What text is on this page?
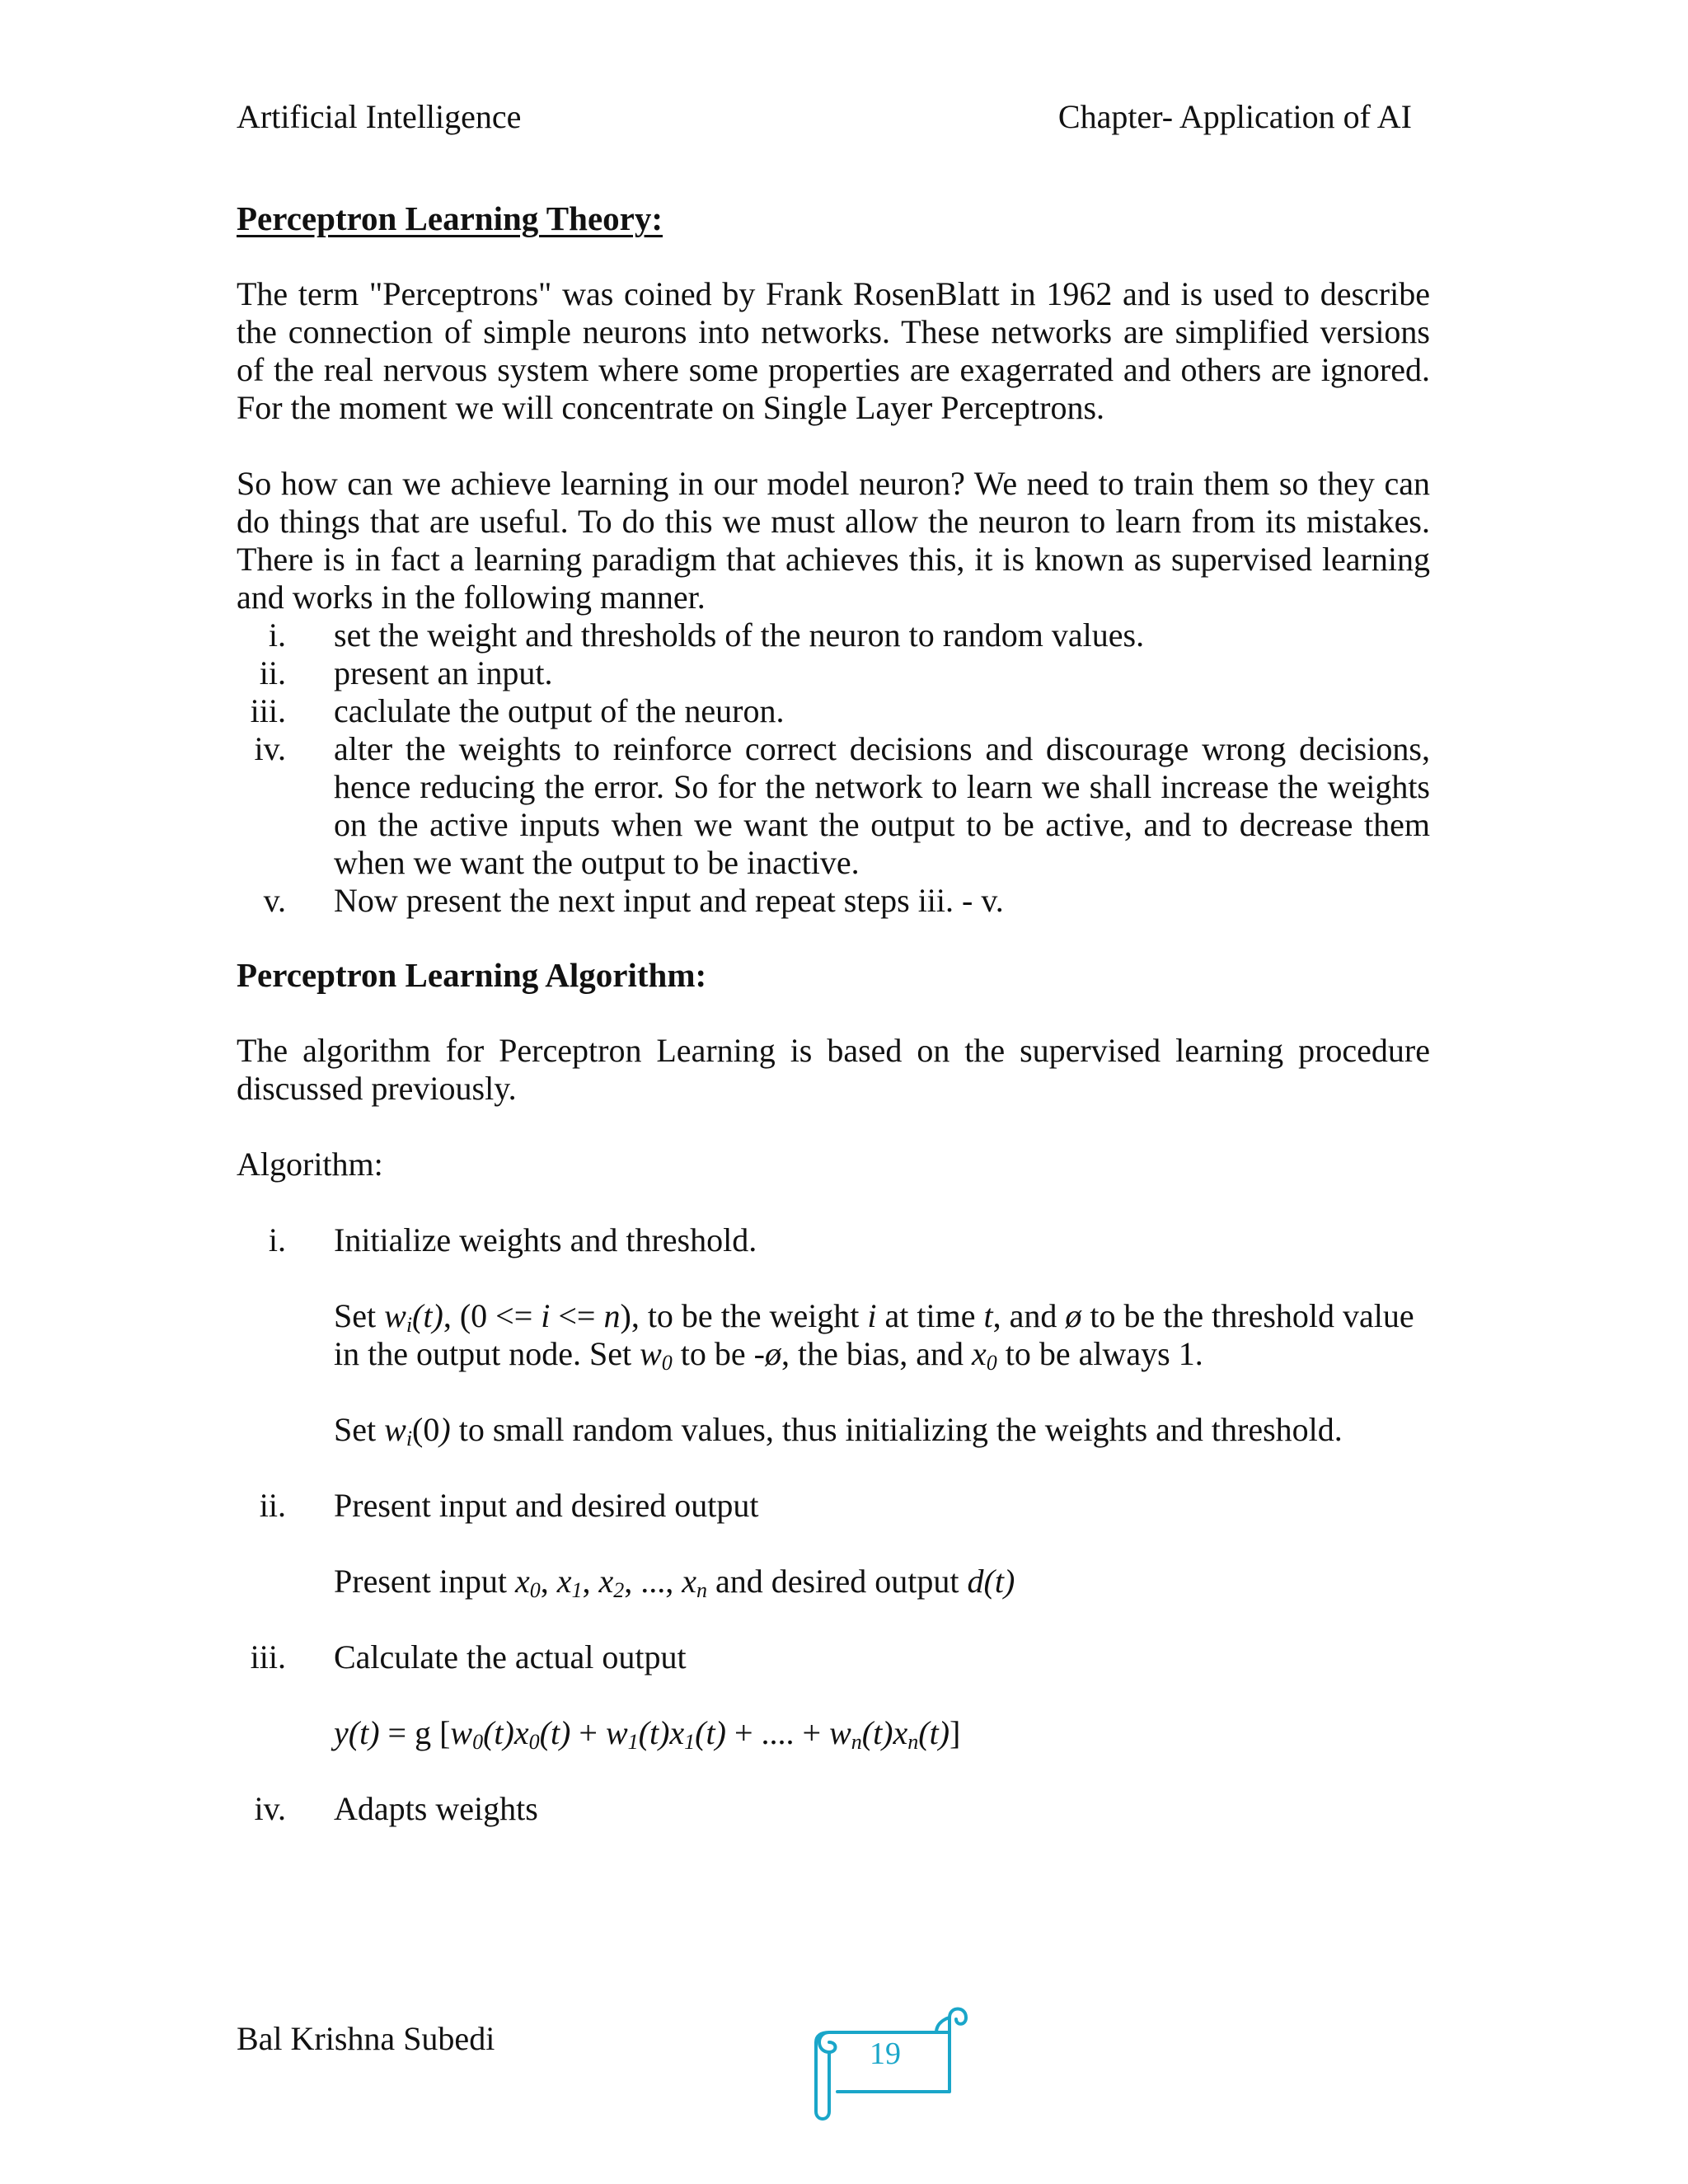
Artificial Intelligence	Chapter- Application of AI
Perceptron Learning Theory:

The term "Perceptrons" was coined by Frank RosenBlatt in 1962 and is used to describe the connection of simple neurons into networks. These networks are simplified versions of the real nervous system where some properties are exagerrated and others are ignored. For the moment we will concentrate on Single Layer Perceptrons.

So how can we achieve learning in our model neuron? We need to train them so they can do things that are useful. To do this we must allow the neuron to learn from its mistakes. There is in fact a learning paradigm that achieves this, it is known as supervised learning and works in the following manner.

i. set the weight and thresholds of the neuron to random values.
ii. present an input.
iii. caclulate the output of the neuron.
iv. alter the weights to reinforce correct decisions and discourage wrong decisions, hence reducing the error. So for the network to learn we shall increase the weights on the active inputs when we want the output to be active, and to decrease them when we want the output to be inactive.
v. Now present the next input and repeat steps iii. - v.
Perceptron Learning Algorithm:

The algorithm for Perceptron Learning is based on the supervised learning procedure discussed previously.

Algorithm:

i. Initialize weights and threshold.

Set $w_i(t)$, (0 <= i <= n), to be the weight i at time t, and ø to be the threshold value in the output node. Set $w_0$ to be -ø, the bias, and $x_0$ to be always 1.

Set $w_i(0)$ to small random values, thus initializing the weights and threshold.

ii. Present input and desired output

Present input $x_0$, $x_1$, $x_2$, ..., $x_n$ and desired output d(t)

iii. Calculate the actual output

y(t) = g [$w_0(t)x_0(t) + w_1(t)x_1(t)$ + .... + $w_n(t)x_n(t)$]

iv. Adapts weights
Bal Krishna Subedi	19
